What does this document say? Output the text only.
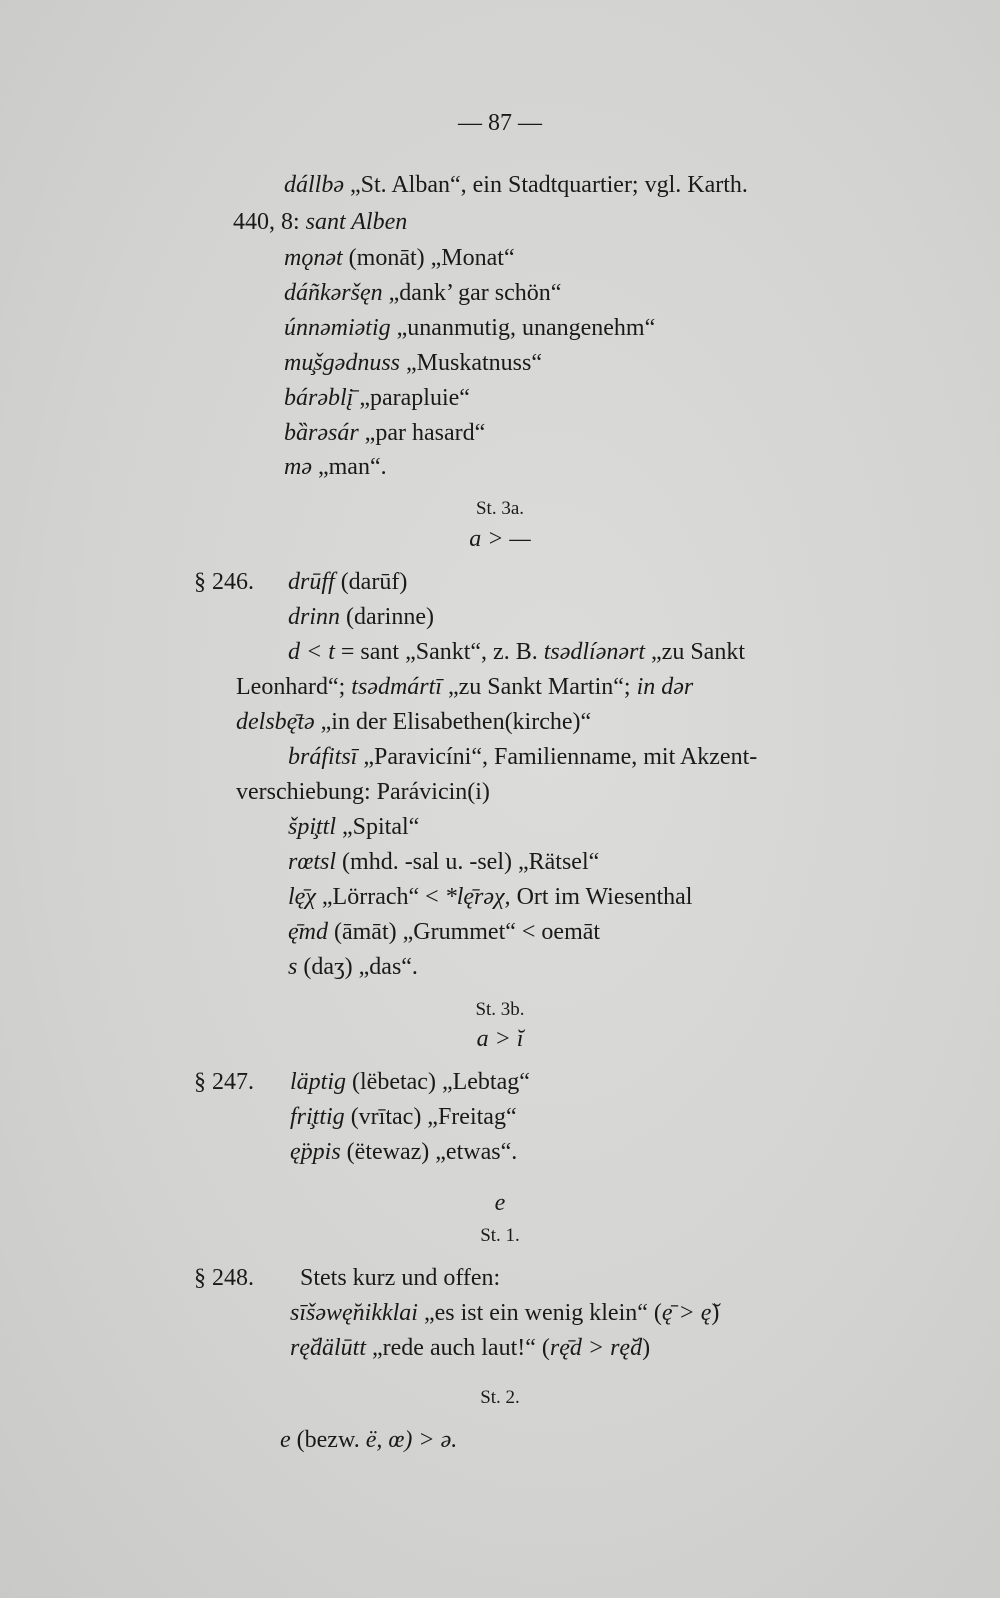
— 87 —
dállbə „St. Alban“, ein Stadtquartier; vgl. Karth.
440, 8: sant Alben
mǫnət (monāt) „Monat“
dáñkəršęn „dank’ gar schön“
únnəmiətig „unanmutig, unangenehm“
mu̧šgədnuss „Muskatnuss“
bárəblį̄ „parapluie“
bȁrəsár „par hasard“
mə „man“.
St. 3a.
a > —
§ 246. drūff (darūf)
drinn (darinne)
d < t = sant „Sankt“, z. B. tsədlíənərt „zu Sankt
Leonhard“; tsədmártī „zu Sankt Martin“; in dər
delsbę̄tə „in der Elisabethen(kirche)“
bráfitsī „Paravicíni“, Familienname, mit Akzent-
verschiebung: Parávicin(i)
špi̧ttl „Spital“
rœtsl (mhd. -sal u. -sel) „Rätsel“
lę̄χ „Lörrach“ < *lę̄rəχ, Ort im Wiesenthal
ę̄md (āmāt) „Grummet“ < oemāt
s (daʒ) „das“.
St. 3b.
a > ĭ
§ 247. läptig (lëbetac) „Lebtag“
fri̧ttig (vrītac) „Freitag“
ę̈ppis (ëtewaz) „etwas“.
e
St. 1.
§ 248. Stets kurz und offen:
sīšəwę̆nikklai „es ist ein wenig klein“ (ę̄ > ę̆)
rę̆dälūtt „rede auch laut!“ (rę̄d > rę̆d)
St. 2.
e (bezw. ë, œ) > ə.
